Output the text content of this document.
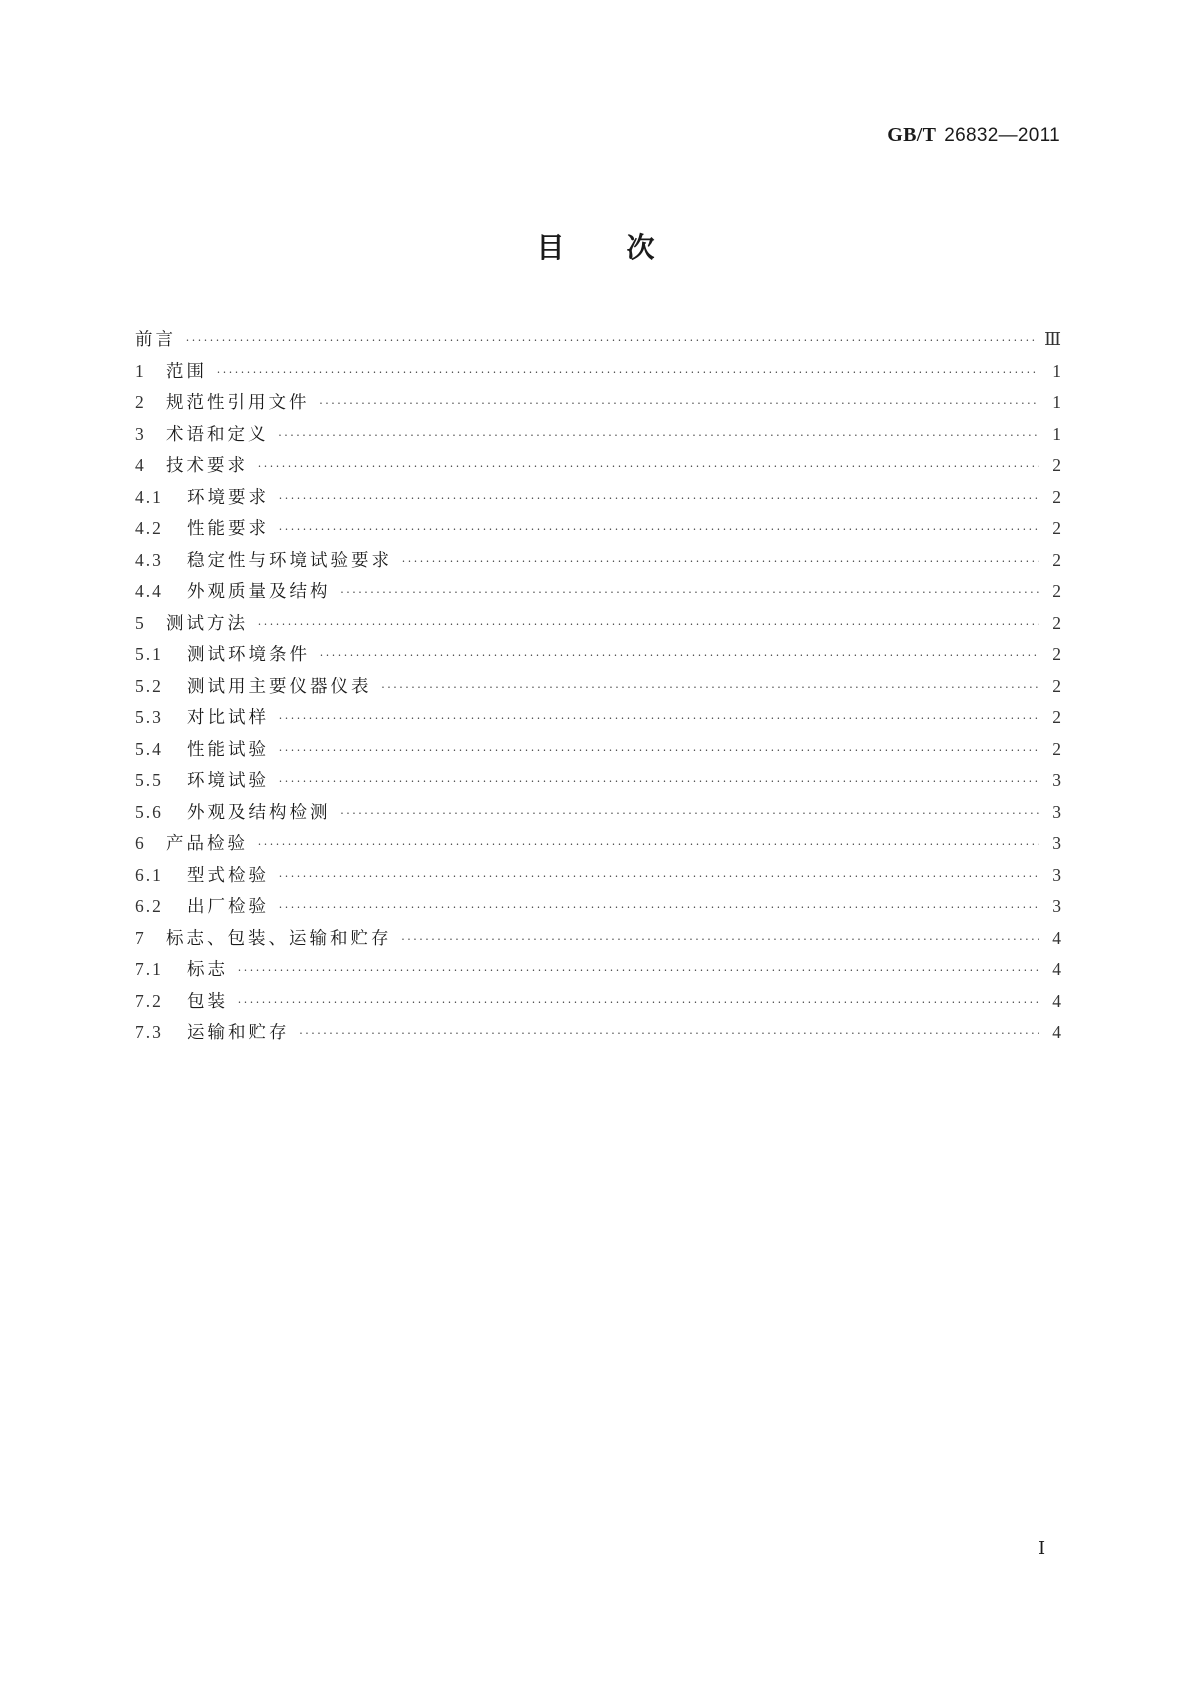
GB/T 26832—2011
目次
前言 •••••	Ⅲ
1	范围 •••••	1
2	规范性引用文件 •••••	1
3	术语和定义 •••••	1
4	技术要求 •••••	2
4.1	环境要求 •••••	2
4.2	性能要求 •••••	2
4.3	稳定性与环境试验要求 •••••	2
4.4	外观质量及结构 •••••	2
5	测试方法 •••••	2
5.1	测试环境条件 •••••	2
5.2	测试用主要仪器仪表 •••••	2
5.3	对比试样 •••••	2
5.4	性能试验 •••••	2
5.5	环境试验 •••••	3
5.6	外观及结构检测 •••••	3
6	产品检验 •••••	3
6.1	型式检验 •••••	3
6.2	出厂检验 •••••	3
7	标志、包装、运输和贮存 •••••	4
7.1	标志 •••••	4
7.2	包装 •••••	4
7.3	运输和贮存 •••••	4
Ⅰ
